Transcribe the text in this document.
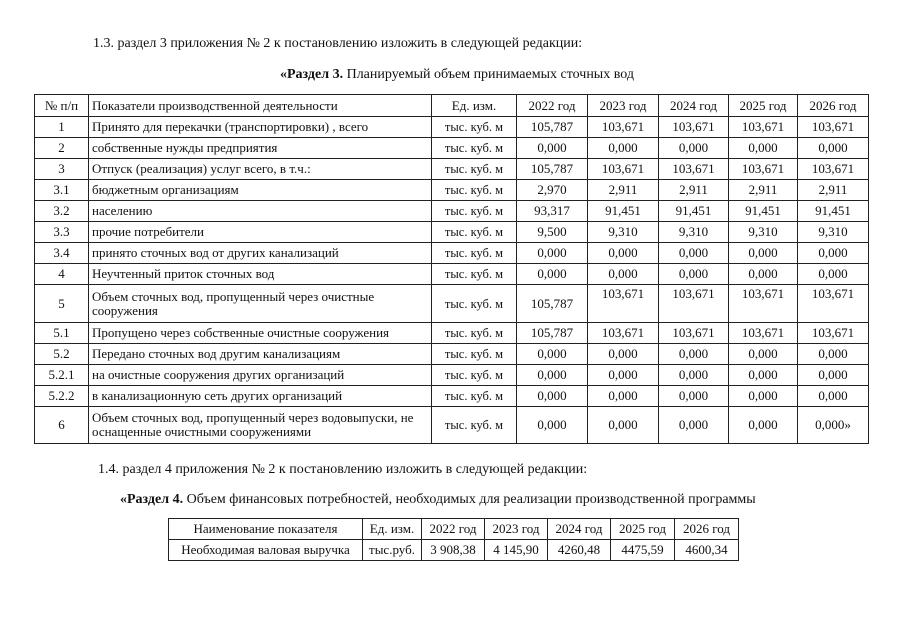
1.3. раздел 3 приложения № 2 к постановлению изложить в следующей редакции:
«Раздел 3. Планируемый объем принимаемых сточных вод
№ п/п	Показатели производственной деятельности	Ед. изм.	2022 год	2023 год	2024 год	2025 год	2026 год
1	Принято для перекачки (транспортировки) , всего	тыс. куб. м	105,787	103,671	103,671	103,671	103,671
2	собственные нужды предприятия	тыс. куб. м	0,000	0,000	0,000	0,000	0,000
3	Отпуск (реализация) услуг всего, в т.ч.:	тыс. куб. м	105,787	103,671	103,671	103,671	103,671
3.1	бюджетным организациям	тыс. куб. м	2,970	2,911	2,911	2,911	2,911
3.2	населению	тыс. куб. м	93,317	91,451	91,451	91,451	91,451
3.3	прочие потребители	тыс. куб. м	9,500	9,310	9,310	9,310	9,310
3.4	принято сточных вод от других канализаций	тыс. куб. м	0,000	0,000	0,000	0,000	0,000
4	Неучтенный приток сточных вод	тыс. куб. м	0,000	0,000	0,000	0,000	0,000
5	Объем сточных вод, пропущенный через очистные сооружения	тыс. куб. м	105,787	103,671	103,671	103,671	103,671
5.1	Пропущено через собственные очистные сооружения	тыс. куб. м	105,787	103,671	103,671	103,671	103,671
5.2	Передано сточных вод другим канализациям	тыс. куб. м	0,000	0,000	0,000	0,000	0,000
5.2.1	на очистные сооружения других организаций	тыс. куб. м	0,000	0,000	0,000	0,000	0,000
5.2.2	в канализационную сеть других организаций	тыс. куб. м	0,000	0,000	0,000	0,000	0,000
6	Объем сточных вод, пропущенный через водовыпуски, не оснащенные очистными сооружениями	тыс. куб. м	0,000	0,000	0,000	0,000	0,000»
1.4. раздел 4 приложения № 2 к постановлению изложить в следующей редакции:
«Раздел 4. Объем финансовых потребностей, необходимых для реализации производственной программы
Наименование показателя	Ед. изм.	2022 год	2023 год	2024 год	2025 год	2026 год
Необходимая валовая выручка	тыс.руб.	3 908,38	4 145,90	4260,48	4475,59	4600,34
